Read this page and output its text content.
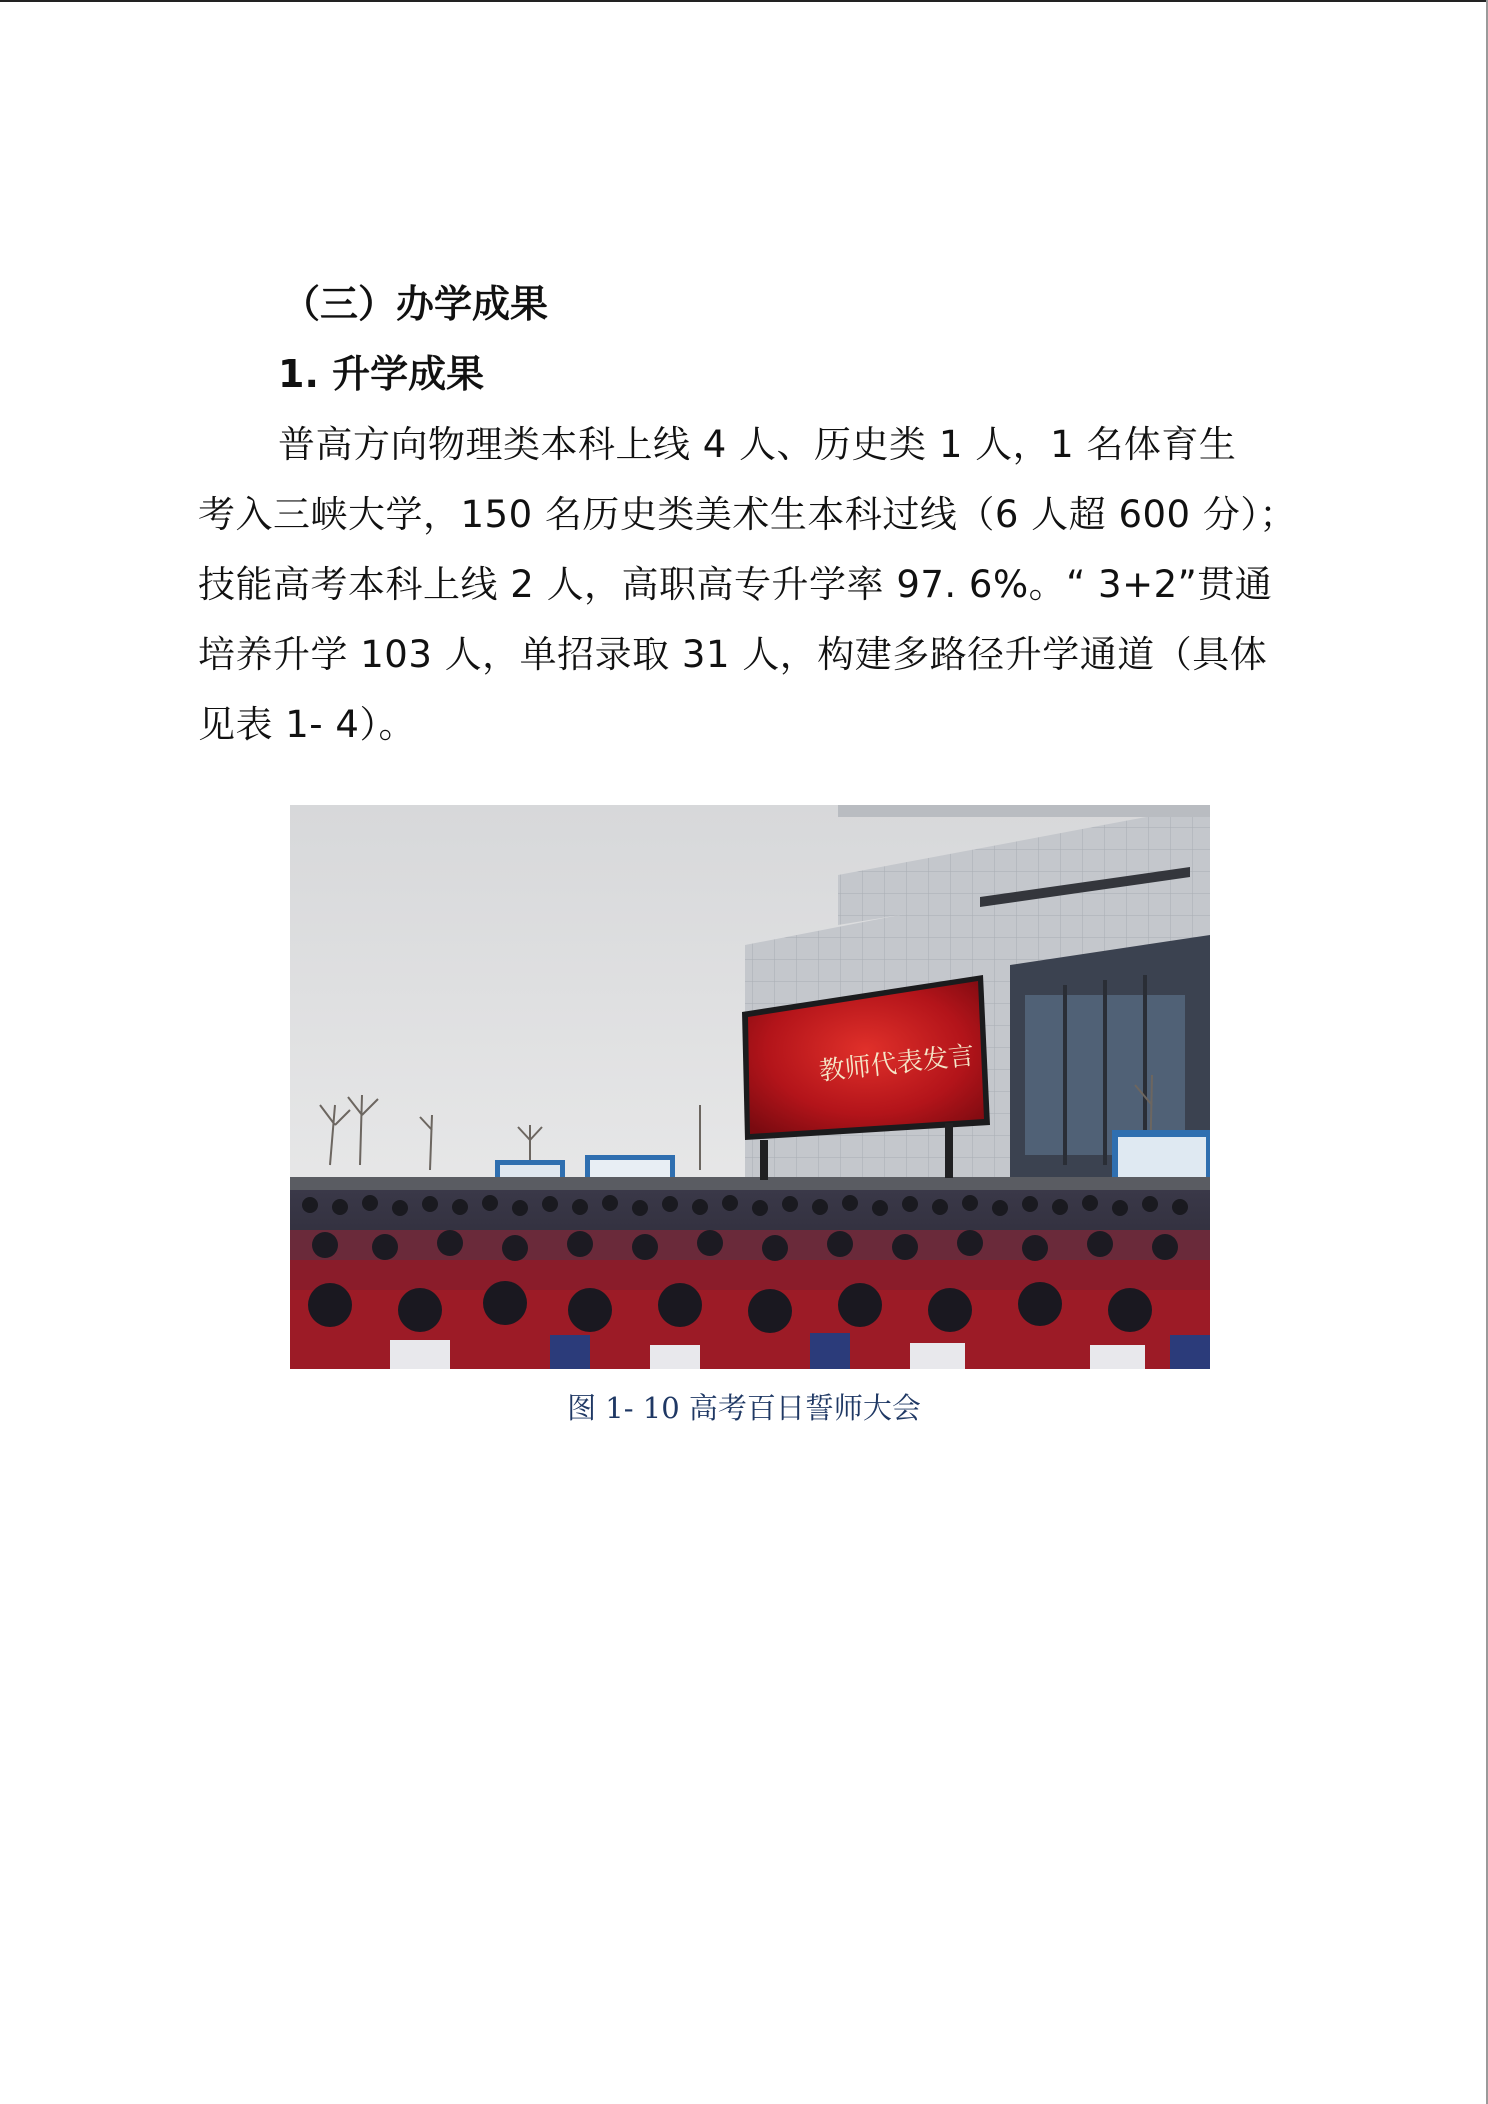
（三）办学成果
1. 升学成果

普高方向物理类本科上线 4 人、历史类 1 人，1 名体育生

考入三峡大学，150 名历史类美术生本科过线（6 人超 600 分）；

技能高考本科上线 2 人，高职高专升学率 97. 6%。“ 3+2”贯通

培养升学 103 人，单招录取 31 人，构建多路径升学通道（具体

见表 1- 4）。

教师代表发言

图 1- 10 高考百日誓师大会
